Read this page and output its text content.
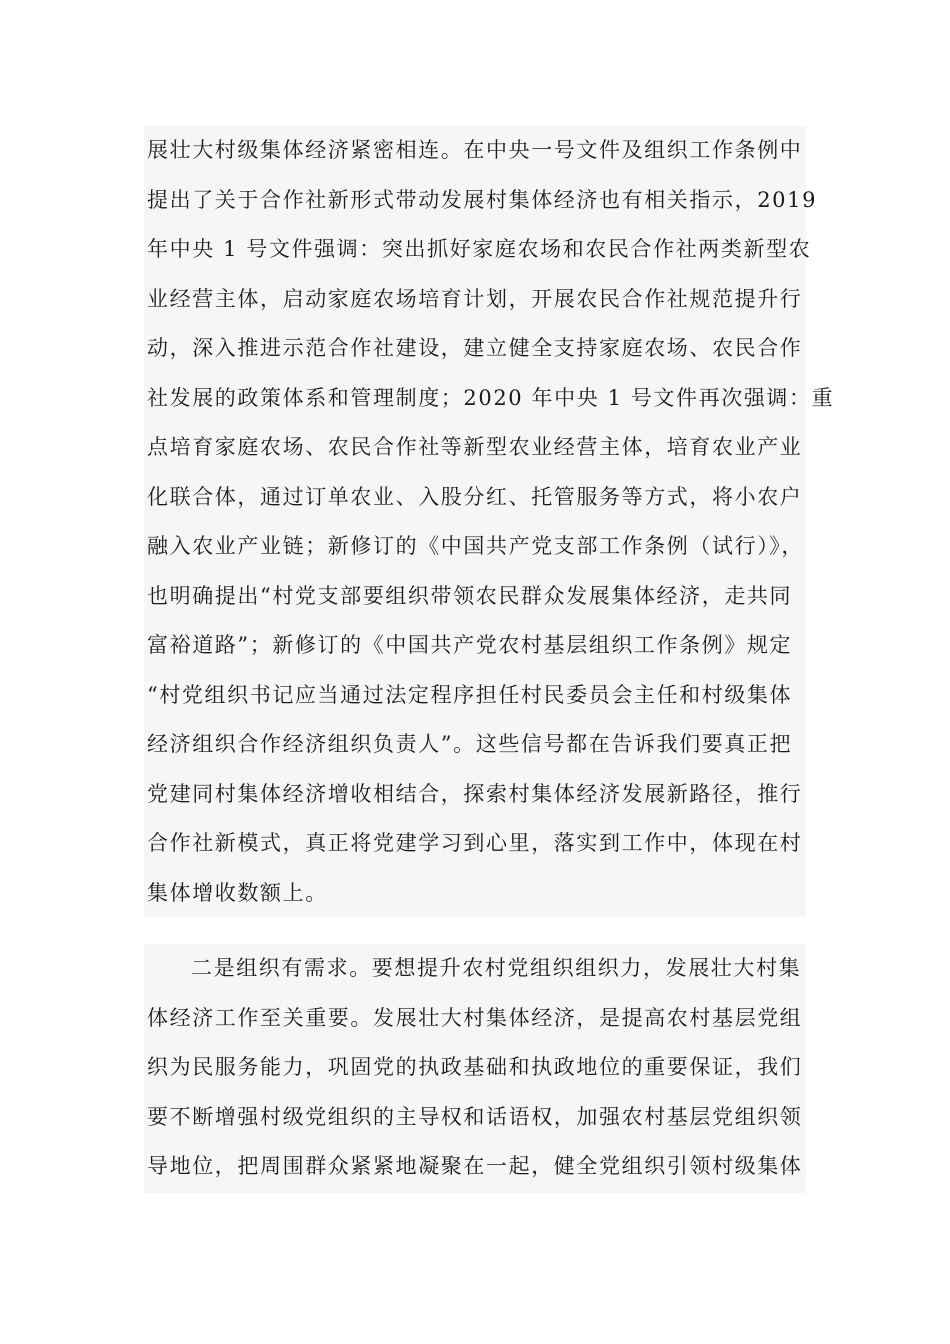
展壮大村级集体经济紧密相连。在中央一号文件及组织工作条例中
提出了关于合作社新形式带动发展村集体经济也有相关指示，2019
年中央 1 号文件强调：突出抓好家庭农场和农民合作社两类新型农
业经营主体，启动家庭农场培育计划，开展农民合作社规范提升行
动，深入推进示范合作社建设，建立健全支持家庭农场、农民合作
社发展的政策体系和管理制度；2020 年中央 1 号文件再次强调：重
点培育家庭农场、农民合作社等新型农业经营主体，培育农业产业
化联合体，通过订单农业、入股分红、托管服务等方式，将小农户
融入农业产业链；新修订的《中国共产党支部工作条例（试行）》，
也明确提出“村党支部要组织带领农民群众发展集体经济，走共同
富裕道路”；新修订的《中国共产党农村基层组织工作条例》规定
“村党组织书记应当通过法定程序担任村民委员会主任和村级集体
经济组织合作经济组织负责人”。这些信号都在告诉我们要真正把
党建同村集体经济增收相结合，探索村集体经济发展新路径，推行
合作社新模式，真正将党建学习到心里，落实到工作中，体现在村
集体增收数额上。
二是组织有需求。要想提升农村党组织组织力，发展壮大村集
体经济工作至关重要。发展壮大村集体经济，是提高农村基层党组
织为民服务能力，巩固党的执政基础和执政地位的重要保证，我们
要不断增强村级党组织的主导权和话语权，加强农村基层党组织领
导地位，把周围群众紧紧地凝聚在一起，健全党组织引领村级集体
